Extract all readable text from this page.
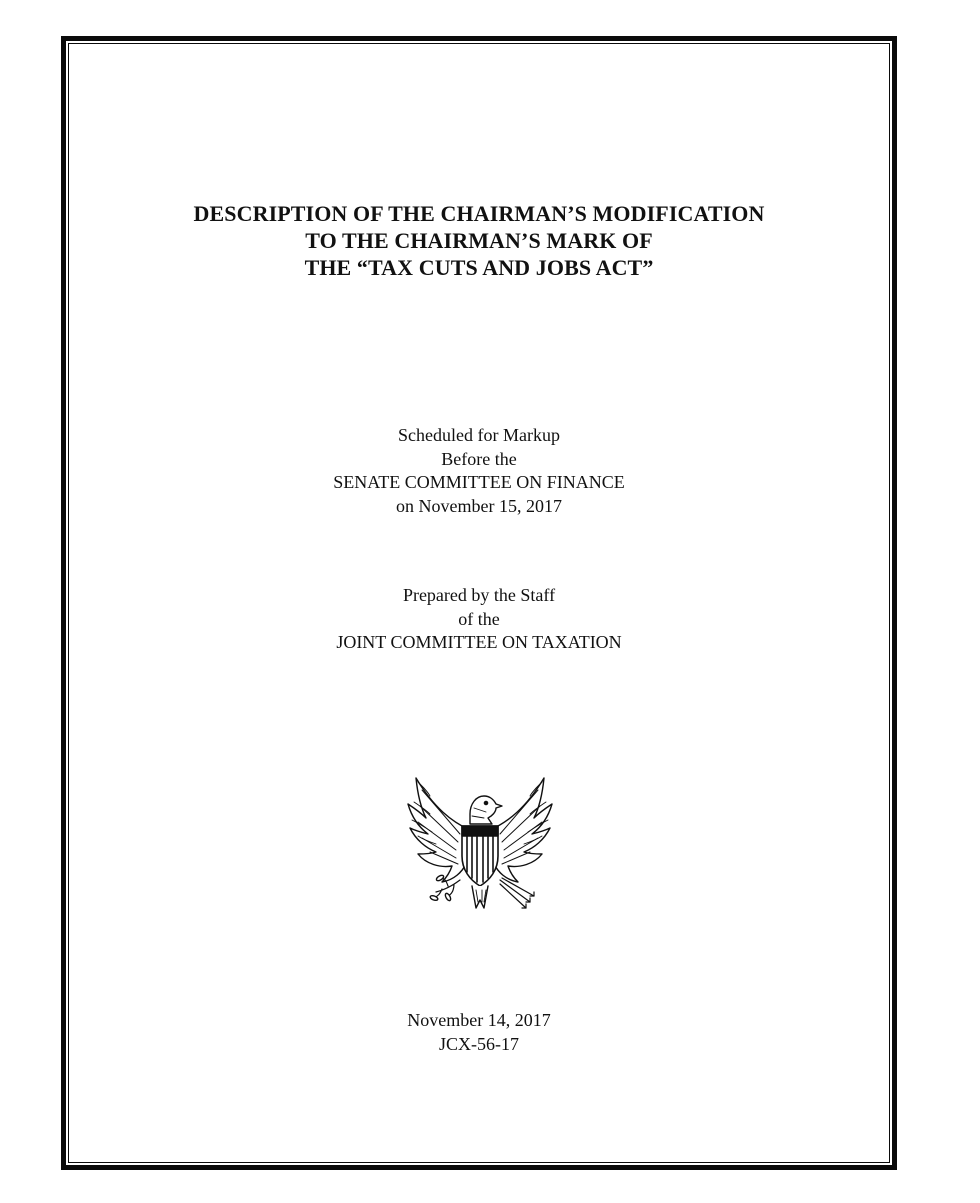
DESCRIPTION OF THE CHAIRMAN’S MODIFICATION
TO THE CHAIRMAN’S MARK OF
THE “TAX CUTS AND JOBS ACT”
Scheduled for Markup
Before the
SENATE COMMITTEE ON FINANCE
on November 15, 2017
Prepared by the Staff
of the
JOINT COMMITTEE ON TAXATION
November 14, 2017
JCX-56-17
